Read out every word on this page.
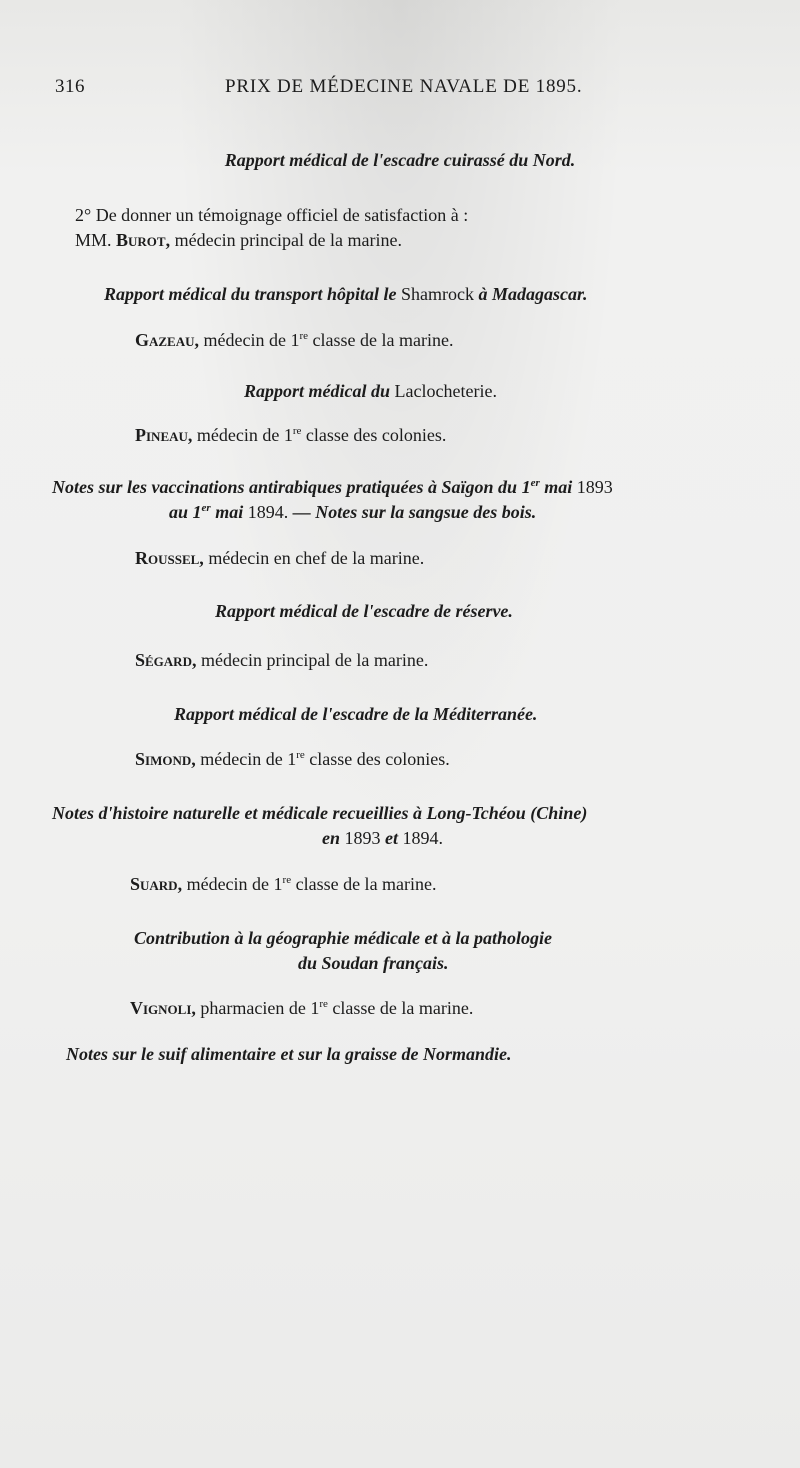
316	PRIX DE MÉDECINE NAVALE DE 1895.
Rapport médical de l'escadre cuirassé du Nord.
2° De donner un témoignage officiel de satisfaction à :
MM. Burot, médecin principal de la marine.
Rapport médical du transport hôpital le Shamrock à Madagascar.
Gazeau, médecin de 1re classe de la marine.
Rapport médical du Laclocheterie.
Pineau, médecin de 1re classe des colonies.
Notes sur les vaccinations antirabiques pratiquées à Saïgon du 1er mai 1893
au 1er mai 1894. — Notes sur la sangsue des bois.
Roussel, médecin en chef de la marine.
Rapport médical de l'escadre de réserve.
Ségard, médecin principal de la marine.
Rapport médical de l'escadre de la Méditerranée.
Simond, médecin de 1re classe des colonies.
Notes d'histoire naturelle et médicale recueillies à Long-Tchéou (Chine)
en 1893 et 1894.
Suard, médecin de 1re classe de la marine.
Contribution à la géographie médicale et à la pathologie
du Soudan français.
Vignoli, pharmacien de 1re classe de la marine.
Notes sur le suif alimentaire et sur la graisse de Normandie.
